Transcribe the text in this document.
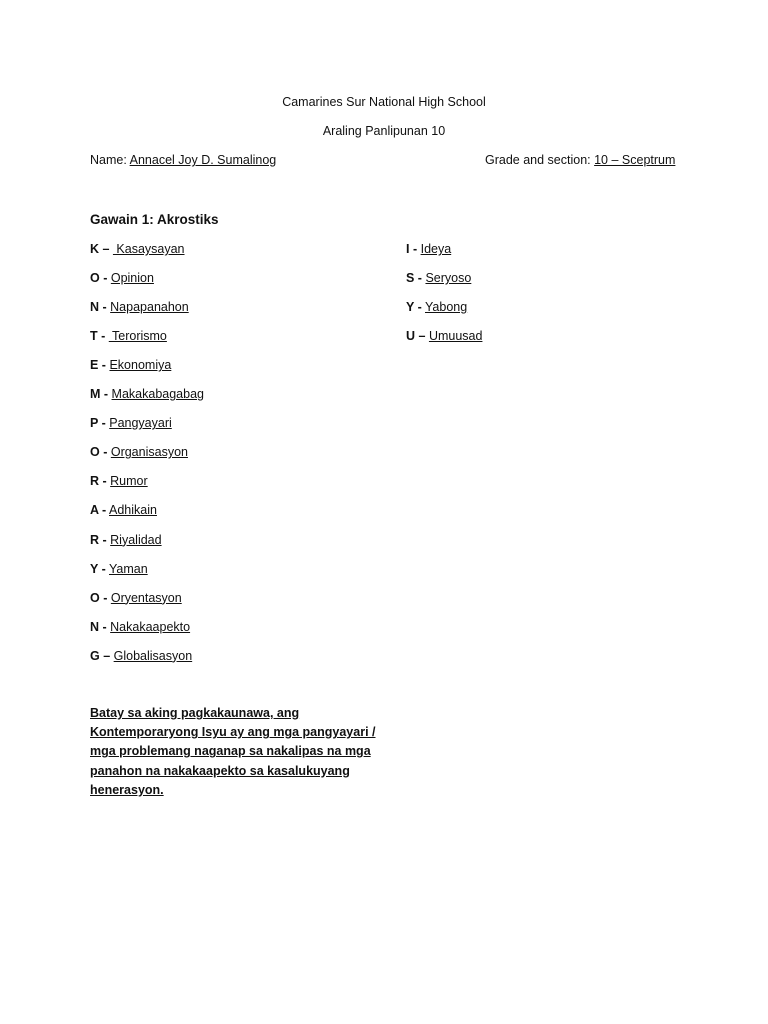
Camarines Sur National High School
Araling Panlipunan 10
Name: Annacel Joy D. Sumalinog	Grade and section: 10 – Sceptrum
Gawain 1: Akrostiks
K –  Kasaysayan
O - Opinion
N - Napapanahon
T -  Terorismo
E - Ekonomiya
M - Makakabagabag
P - Pangyayari
O - Organisasyon
R - Rumor
A - Adhikain
R - Riyalidad
Y - Yaman
O - Oryentasyon
N - Nakakaapekto
G – Globalisasyon
I - Ideya
S - Seryoso
Y - Yabong
U – Umuusad
Batay sa aking pagkakaunawa, ang
Kontemporaryong Isyu ay ang mga pangyayari /
mga problemang naganap sa nakalipas na mga
panahon na nakakaapekto sa kasalukuyang
henerasyon.
